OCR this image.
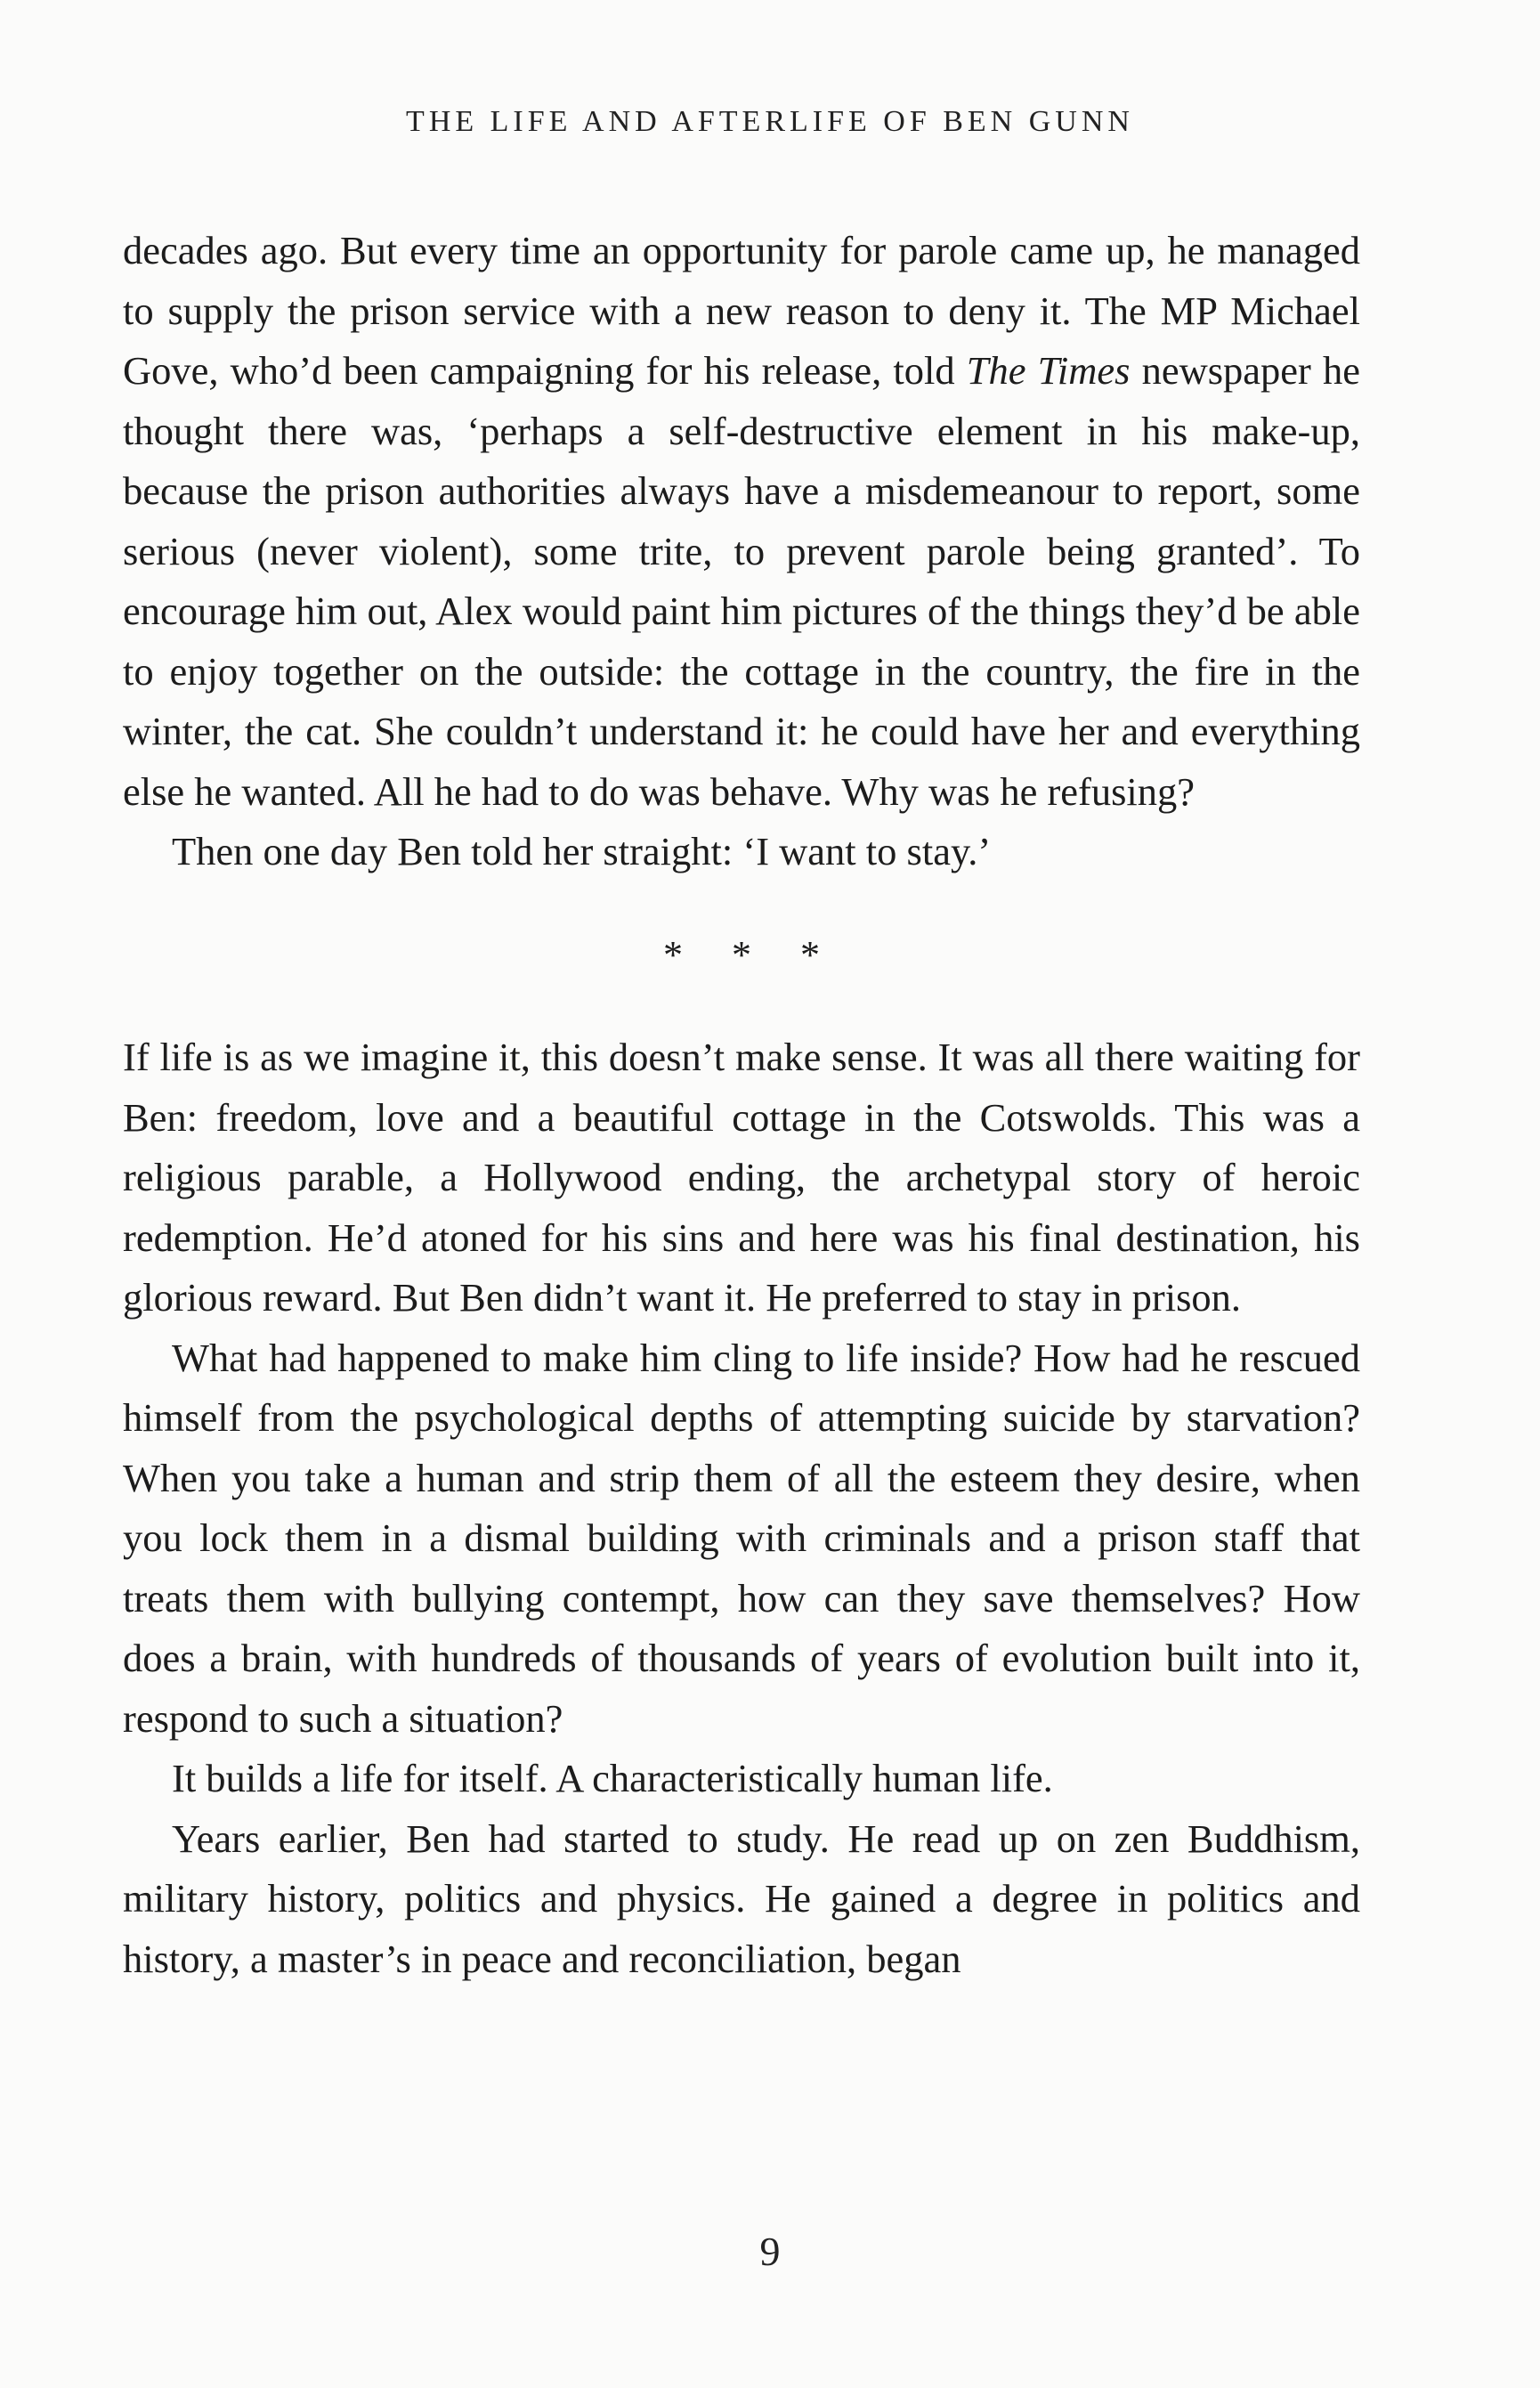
THE LIFE AND AFTERLIFE OF BEN GUNN

decades ago. But every time an opportunity for parole came up, he managed to supply the prison service with a new reason to deny it. The MP Michael Gove, who’d been campaigning for his release, told The Times newspaper he thought there was, ‘perhaps a self-destructive element in his make-up, because the prison authorities always have a misdemeanour to report, some serious (never violent), some trite, to prevent parole being granted’. To encourage him out, Alex would paint him pictures of the things they’d be able to enjoy together on the outside: the cottage in the country, the fire in the winter, the cat. She couldn’t understand it: he could have her and everything else he wanted. All he had to do was behave. Why was he refusing?

Then one day Ben told her straight: ‘I want to stay.’

* * *

If life is as we imagine it, this doesn’t make sense. It was all there waiting for Ben: freedom, love and a beautiful cottage in the Cotswolds. This was a religious parable, a Hollywood ending, the archetypal story of heroic redemption. He’d atoned for his sins and here was his final destination, his glorious reward. But Ben didn’t want it. He preferred to stay in prison.

What had happened to make him cling to life inside? How had he rescued himself from the psychological depths of attempting suicide by starvation? When you take a human and strip them of all the esteem they desire, when you lock them in a dismal building with criminals and a prison staff that treats them with bullying contempt, how can they save themselves? How does a brain, with hundreds of thousands of years of evolution built into it, respond to such a situation?

It builds a life for itself. A characteristically human life.

Years earlier, Ben had started to study. He read up on zen Buddhism, military history, politics and physics. He gained a degree in politics and history, a master’s in peace and reconciliation, began

9
